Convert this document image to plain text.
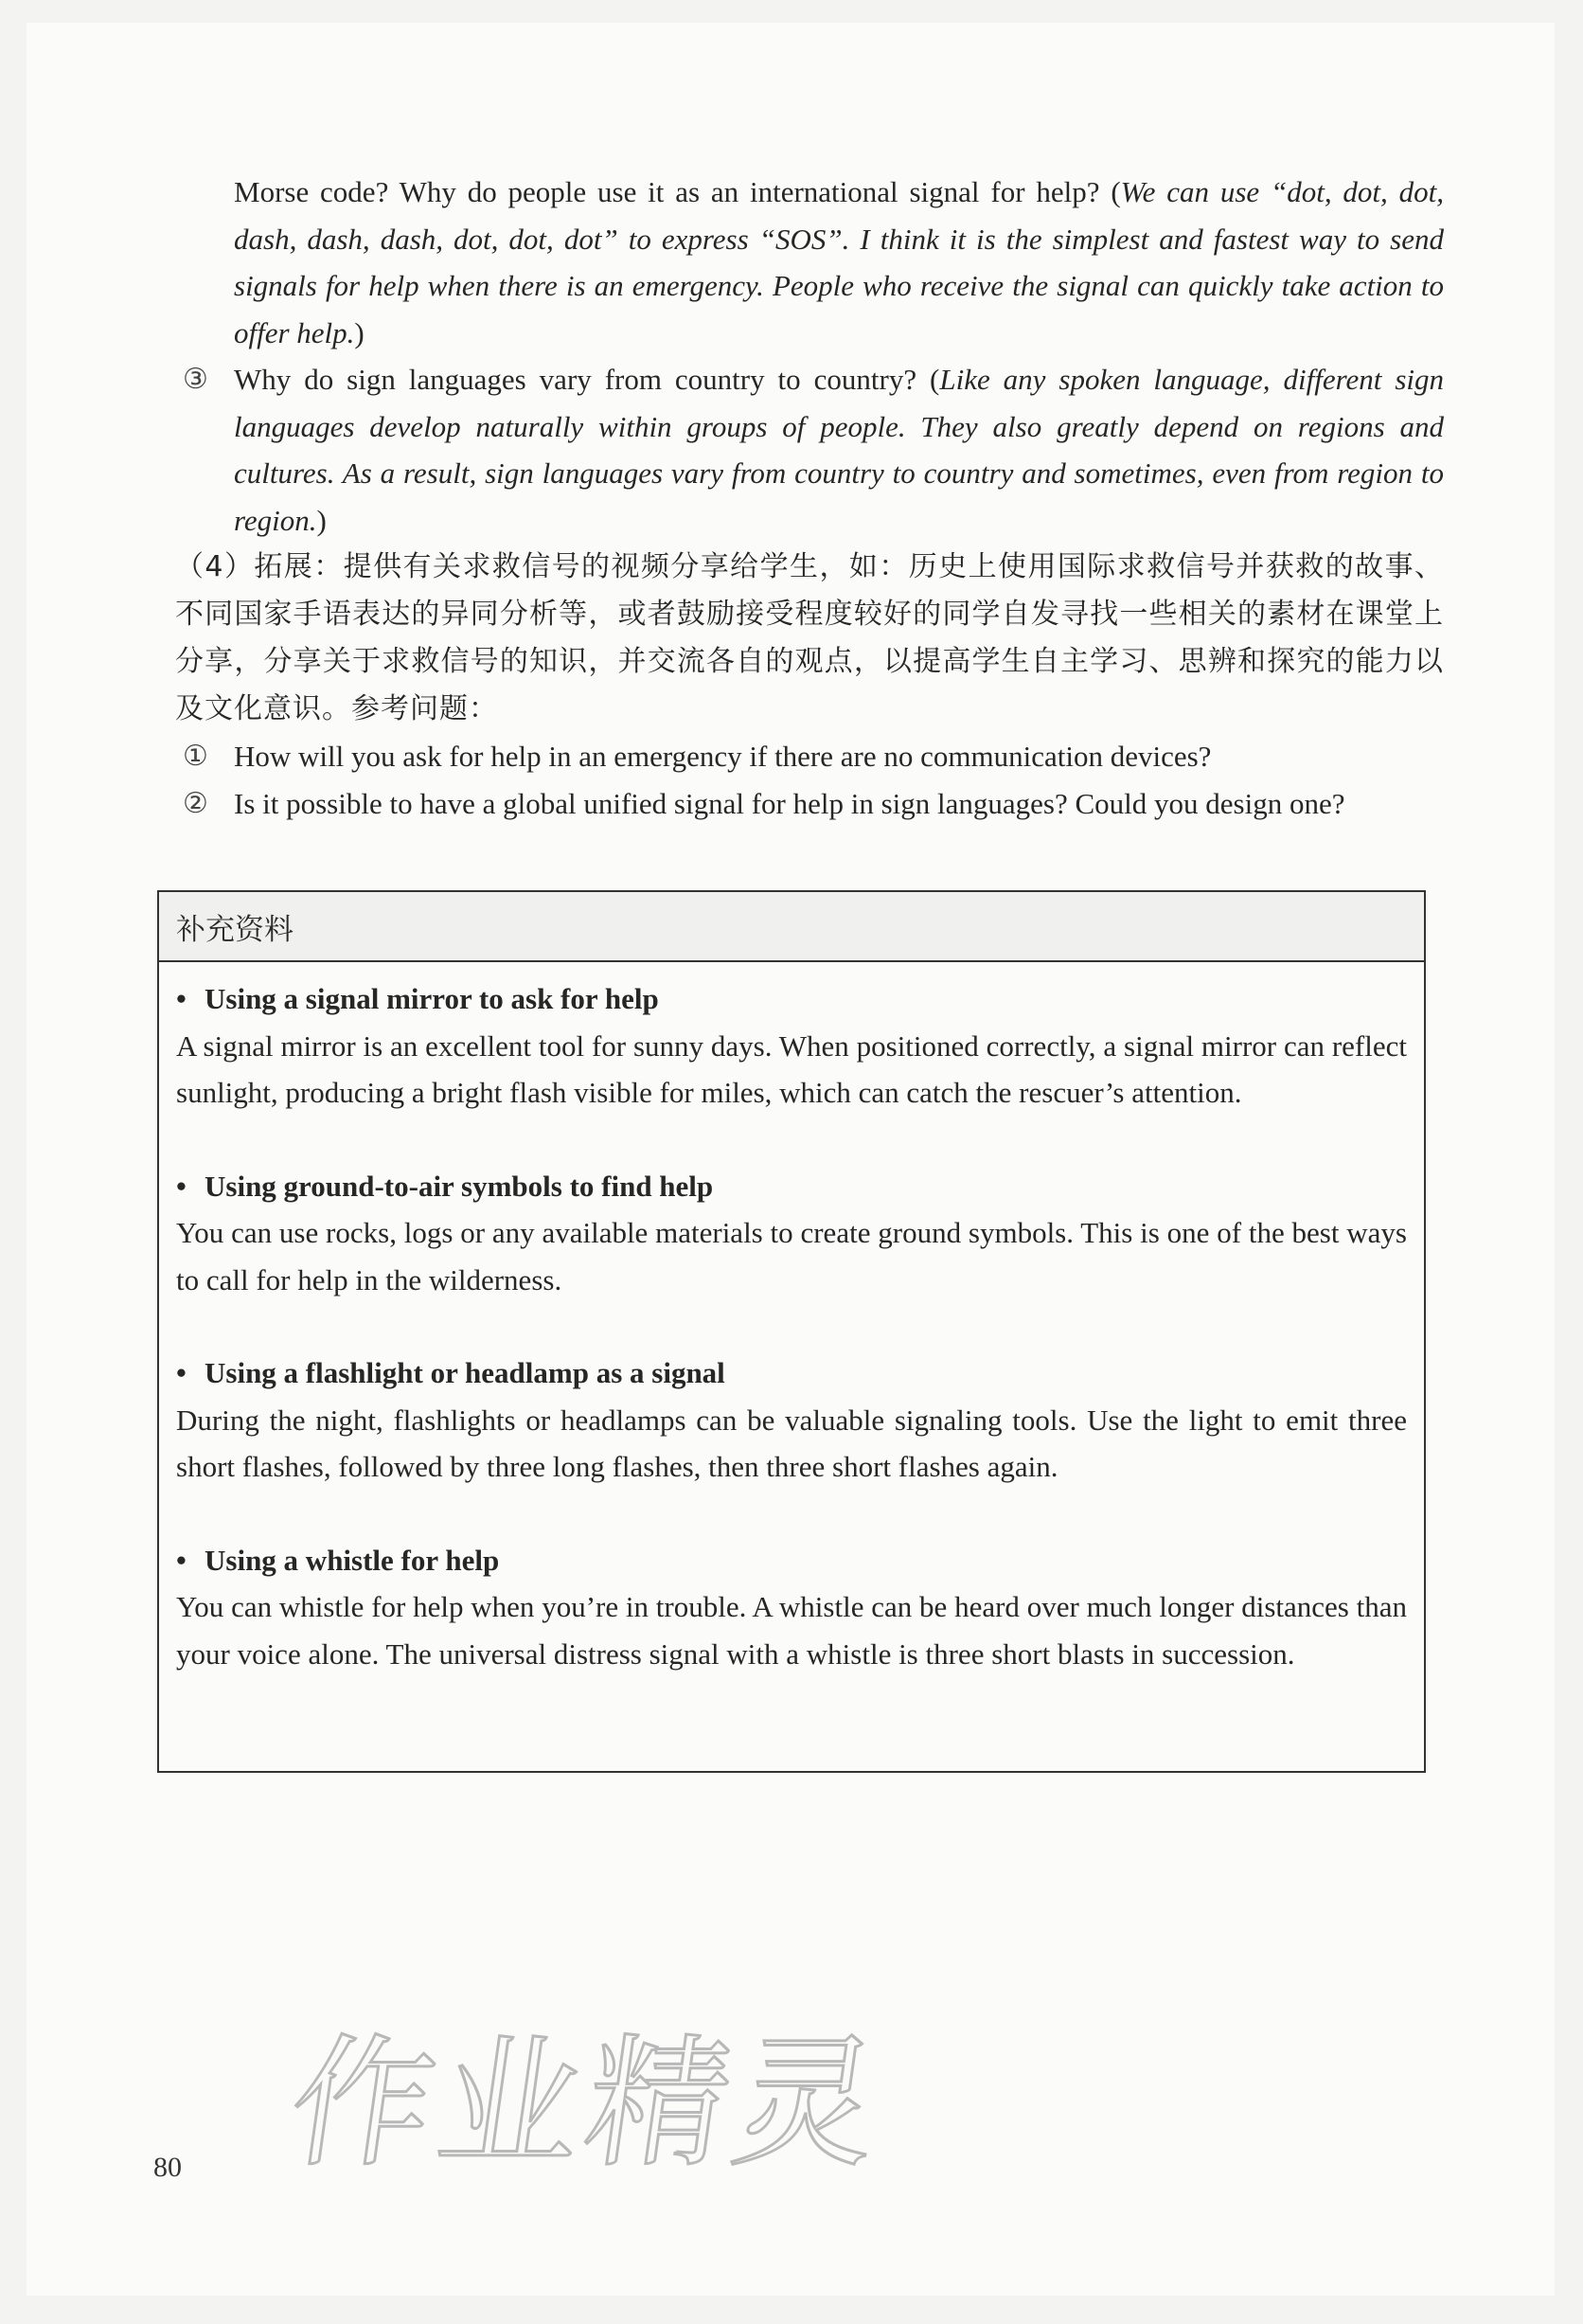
Morse code? Why do people use it as an international signal for help? (We can use “dot, dot, dot, dash, dash, dash, dot, dot, dot” to express “SOS”. I think it is the simplest and fastest way to send signals for help when there is an emergency. People who receive the signal can quickly take action to offer help.)

③ Why do sign languages vary from country to country? (Like any spoken language, different sign languages develop naturally within groups of people. They also greatly depend on regions and cultures. As a result, sign languages vary from country to country and sometimes, even from region to region.)

（4）拓展：提供有关求救信号的视频分享给学生，如：历史上使用国际求救信号并获救的故事、不同国家手语表达的异同分析等，或者鼓励接受程度较好的同学自发寻找一些相关的素材在课堂上分享，分享关于求救信号的知识，并交流各自的观点，以提高学生自主学习、思辨和探究的能力以及文化意识。参考问题：

① How will you ask for help in an emergency if there are no communication devices?

② Is it possible to have a global unified signal for help in sign languages? Could you design one?

补充资料

• Using a signal mirror to ask for help

A signal mirror is an excellent tool for sunny days. When positioned correctly, a signal mirror can reflect sunlight, producing a bright flash visible for miles, which can catch the rescuer’s attention.

• Using ground-to-air symbols to find help

You can use rocks, logs or any available materials to create ground symbols. This is one of the best ways to call for help in the wilderness.

• Using a flashlight or headlamp as a signal

During the night, flashlights or headlamps can be valuable signaling tools. Use the light to emit three short flashes, followed by three long flashes, then three short flashes again.

• Using a whistle for help

You can whistle for help when you’re in trouble. A whistle can be heard over much longer distances than your voice alone. The universal distress signal with a whistle is three short blasts in succession.

作业精灵
80
